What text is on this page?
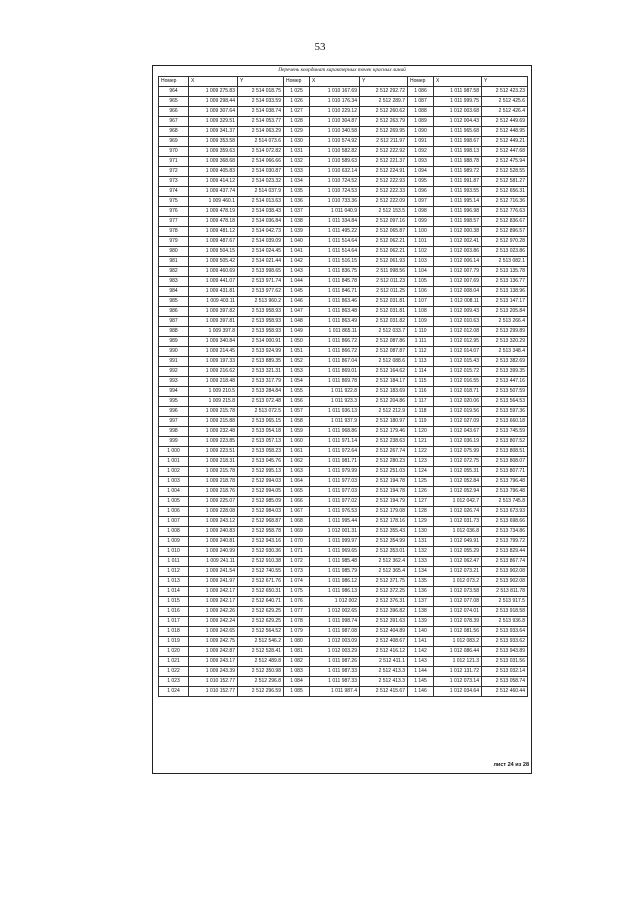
53
Перечень координат характерных точек красных линий
Номер	X	Y	Номер	X	Y	Номер	X	Y
964	1 009 275.83	2 514 018.75	1 025	1 010 167.69	2 512 292.72	1 086	1 011 987.58	2 512 423.23
965	1 009 298.44	2 514 033.59	1 026	1 010 176.34	2 512 289.7	1 087	1 011 999.75	2 512 425.6
966	1 009 307.64	2 514 038.74	1 027	1 010 229.12	2 512 260.62	1 088	1 012 003.68	2 512 426.4
967	1 009 329.51	2 514 053.77	1 028	1 010 304.87	2 512 263.79	1 089	1 012 004.43	2 512 449.69
968	1 009 341.37	2 514 063.29	1 029	1 010 340.58	2 512 269.95	1 090	1 011 965.68	2 512 448.95
969	1 009 353.58	2 514 073.6	1 030	1 010 574.92	2 512 211.97	1 091	1 011 998.67	2 512 449.21
970	1 009 359.63	2 514 072.82	1 031	1 010 582.82	2 512 222.92	1 092	1 011 998.13	2 512 447.68
971	1 009 368.68	2 514 066.66	1 032	1 010 589.63	2 512 221.37	1 093	1 011 988.78	2 512 475.94
972	1 009 405.83	2 514 030.87	1 033	1 010 632.14	2 512 224.91	1 094	1 011 989.72	2 512 528.55
973	1 009 414.12	2 514 023.32	1 034	1 010 724.52	2 512 222.93	1 095	1 011 991.87	2 512 581.27
974	1 009 437.74	2 514 037.9	1 035	1 010 724.53	2 512 222.33	1 096	1 011 993.55	2 512 656.31
975	1 009 460.1	2 514 013.63	1 036	1 010 733.36	2 512 222.09	1 097	1 011 995.14	2 512 716.36
976	1 009 478.19	2 514 038.43	1 037	1 011 040.9	2 512 153.5	1 098	1 011 996.98	2 512 776.63
977	1 009 478.18	2 514 036.84	1 038	1 011 334.84	2 512 097.16	1 099	1 011 998.57	2 512 836.67
978	1 009 481.12	2 514 042.73	1 039	1 011 495.22	2 512 065.87	1 100	1 012 000.38	2 512 896.57
979	1 009 487.67	2 514 039.09	1 040	1 011 514.64	2 512 062.21	1 101	1 012 002.41	2 512 970.28
980	1 009 504.15	2 514 024.45	1 041	1 011 514.64	2 512 062.21	1 102	1 012 003.86	2 513 023.86
981	1 009 505.42	2 514 021.44	1 042	1 011 516.15	2 512 061.93	1 103	1 012 006.14	2 513 082.1
982	1 009 460.69	2 513 998.65	1 043	1 011 836.75	2 511 998.56	1 104	1 012 007.79	2 513 135.78
983	1 009 441.07	2 513 971.74	1 044	1 011 845.78	2 512 011.23	1 105	1 012 007.69	2 513 136.77
984	1 009 431.81	2 513 977.62	1 045	1 011 846.71	2 512 011.25	1 106	1 012 008.04	2 513 138.96
985	1 009 403.11	2 513 960.2	1 046	1 011 863.46	2 512 031.81	1 107	1 012 008.11	2 513 147.17
986	1 009 397.82	2 513 958.93	1 047	1 011 863.48	2 512 031.81	1 108	1 012 009.43	2 513 205.84
987	1 009 397.81	2 513 958.93	1 048	1 011 863.49	2 512 031.82	1 109	1 012 010.63	2 513 266.4
988	1 009 397.8	2 513 958.93	1 049	1 011 865.11	2 512 033.7	1 110	1 012 012.08	2 513 299.89
989	1 009 340.84	2 514 000.91	1 050	1 011 866.72	2 512 087.86	1 111	1 012 012.95	2 513 320.29
990	1 009 214.45	2 513 924.99	1 051	1 011 866.72	2 512 087.87	1 112	1 012 014.07	2 513 348.4
991	1 009 197.33	2 513 889.35	1 052	1 011 867.04	2 512 088.6	1 113	1 012 015.43	2 513 382.69
992	1 009 216.62	2 513 321.31	1 053	1 011 869.01	2 512 164.62	1 114	1 012 015.72	2 513 399.35
993	1 009 218.48	2 513 317.79	1 054	1 011 869.78	2 512 184.17	1 115	1 012 016.55	2 513 447.16
994	1 009 210.5	2 513 284.84	1 055	1 011 922.8	2 512 183.69	1 116	1 012 018.71	2 513 507.59
995	1 009 215.8	2 513 072.48	1 056	1 011 923.3	2 512 204.86	1 117	1 012 020.06	2 513 564.53
996	1 009 215.78	2 513 072.5	1 057	1 011 936.13	2 512 212.9	1 118	1 012 019.56	2 513 597.36
997	1 009 215.88	2 513 065.15	1 058	1 011 937.9	2 512 180.97	1 119	1 012 027.09	2 513 660.18
998	1 009 232.48	2 513 054.18	1 059	1 011 968.86	2 512 179.46	1 120	1 012 043.67	2 513 745.59
999	1 009 223.85	2 513 057.13	1 060	1 011 971.14	2 512 238.63	1 121	1 012 036.19	2 513 807.52
1 000	1 009 223.51	2 513 058.23	1 061	1 011 972.64	2 512 267.74	1 122	1 012 075.99	2 513 808.51
1 001	1 009 218.31	2 513 045.76	1 062	1 011 981.71	2 512 280.23	1 123	1 012 072.75	2 513 808.07
1 002	1 009 215.78	2 512 995.13	1 063	1 011 979.99	2 512 251.03	1 124	1 012 055.31	2 513 807.71
1 003	1 009 218.78	2 512 994.03	1 064	1 011 977.03	2 512 194.78	1 125	1 012 052.84	2 513 796.48
1 004	1 009 218.76	2 512 994.05	1 065	1 011 977.03	2 512 194.78	1 126	1 012 052.94	2 513 796.48
1 005	1 009 225.07	2 512 985.09	1 066	1 011 977.02	2 512 194.79	1 127	1 012 042.7	2 513 745.8
1 006	1 009 228.08	2 512 984.03	1 067	1 011 976.53	2 512 179.08	1 128	1 012 026.74	2 513 673.93
1 007	1 009 243.12	2 512 968.87	1 068	1 011 995.44	2 512 178.16	1 129	1 012 031.73	2 513 698.66
1 008	1 009 240.83	2 512 958.78	1 069	1 012 001.31	2 512 355.43	1 130	1 012 036.8	2 513 734.86
1 009	1 009 240.81	2 512 943.16	1 070	1 011 999.97	2 512 354.99	1 131	1 012 049.91	2 513 799.72
1 010	1 009 240.99	2 512 930.36	1 071	1 011 969.65	2 512 353.01	1 132	1 012 055.29	2 513 829.44
1 011	1 009 241.11	2 512 910.38	1 072	1 011 985.48	2 512 362.4	1 133	1 012 062.47	2 513 867.74
1 012	1 009 241.54	2 512 740.55	1 073	1 011 985.79	2 512 365.4	1 134	1 012 073.21	2 513 902.08
1 013	1 009 241.97	2 512 671.76	1 074	1 011 986.12	2 512 371.75	1 135	1 012 073.2	2 513 902.08
1 014	1 009 242.17	2 512 650.31	1 075	1 011 986.13	2 512 372.25	1 136	1 012 073.58	2 513 811.78
1 015	1 009 242.17	2 512 640.71	1 076	1 012 002	2 512 376.31	1 137	1 012 077.08	2 513 917.5
1 016	1 009 242.26	2 512 629.25	1 077	1 012 002.65	2 512 396.82	1 138	1 012 074.01	2 513 918.58
1 017	1 009 242.24	2 512 629.25	1 078	1 011 998.74	2 512 391.63	1 139	1 012 078.39	2 513 936.8
1 018	1 009 242.65	2 512 564.52	1 079	1 011 987.08	2 512 404.89	1 140	1 012 081.56	2 513 933.64
1 019	1 009 242.75	2 512 546.2	1 080	1 012 003.09	2 512 408.67	1 141	1 012 083.2	2 513 933.62
1 020	1 009 242.87	2 512 528.41	1 081	1 012 003.29	2 512 416.12	1 142	1 012 086.44	2 513 943.89
1 021	1 009 243.17	2 512 489.8	1 082	1 011 987.26	2 512 411.1	1 143	1 012 121.3	2 513 031.56
1 022	1 009 243.39	2 512 350.98	1 083	1 011 987.33	2 512 413.3	1 144	1 012 131.72	2 513 032.14
1 023	1 010 152.77	2 512 296.8	1 084	1 011 987.33	2 512 413.3	1 145	1 012 073.14	2 513 058.74
1 024	1 010 152.77	2 512 296.59	1 085	1 011 987.4	2 512 415.67	1 146	1 012 034.64	2 512 460.44
лист 24 из 28
